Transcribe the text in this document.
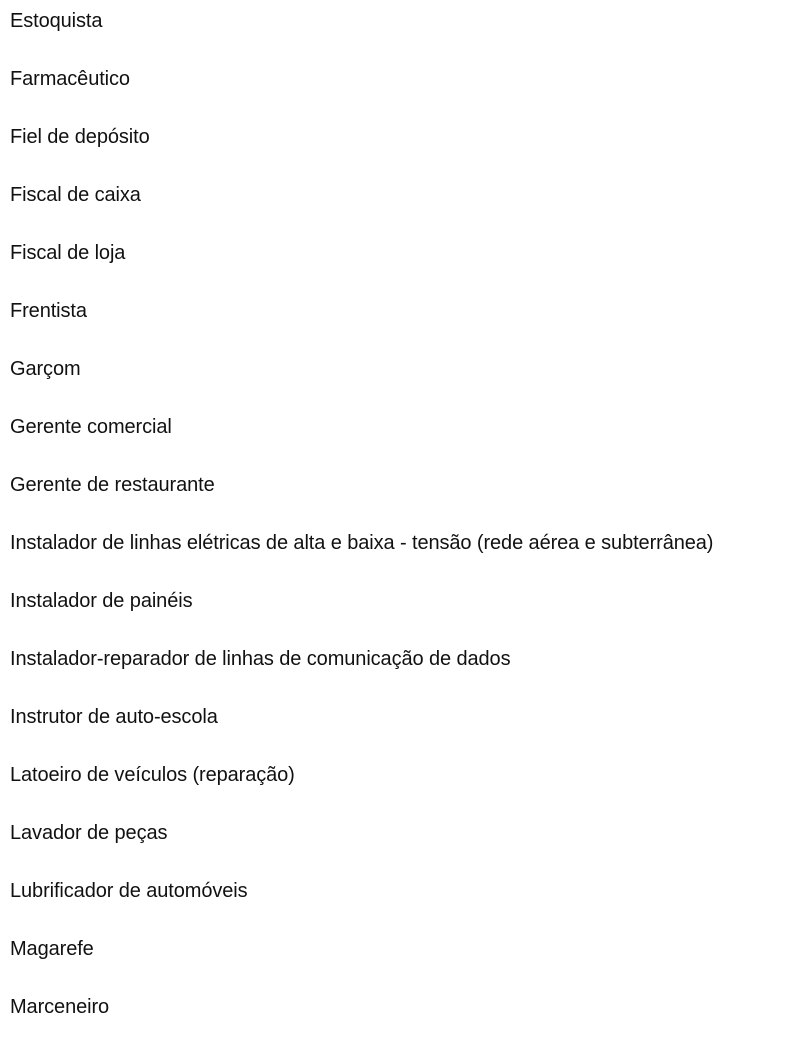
Estoquista
Farmacêutico
Fiel de depósito
Fiscal de caixa
Fiscal de loja
Frentista
Garçom
Gerente comercial
Gerente de restaurante
Instalador de linhas elétricas de alta e baixa - tensão (rede aérea e subterrânea)
Instalador de painéis
Instalador-reparador de linhas de comunicação de dados
Instrutor de auto-escola
Latoeiro de veículos (reparação)
Lavador de peças
Lubrificador de automóveis
Magarefe
Marceneiro
